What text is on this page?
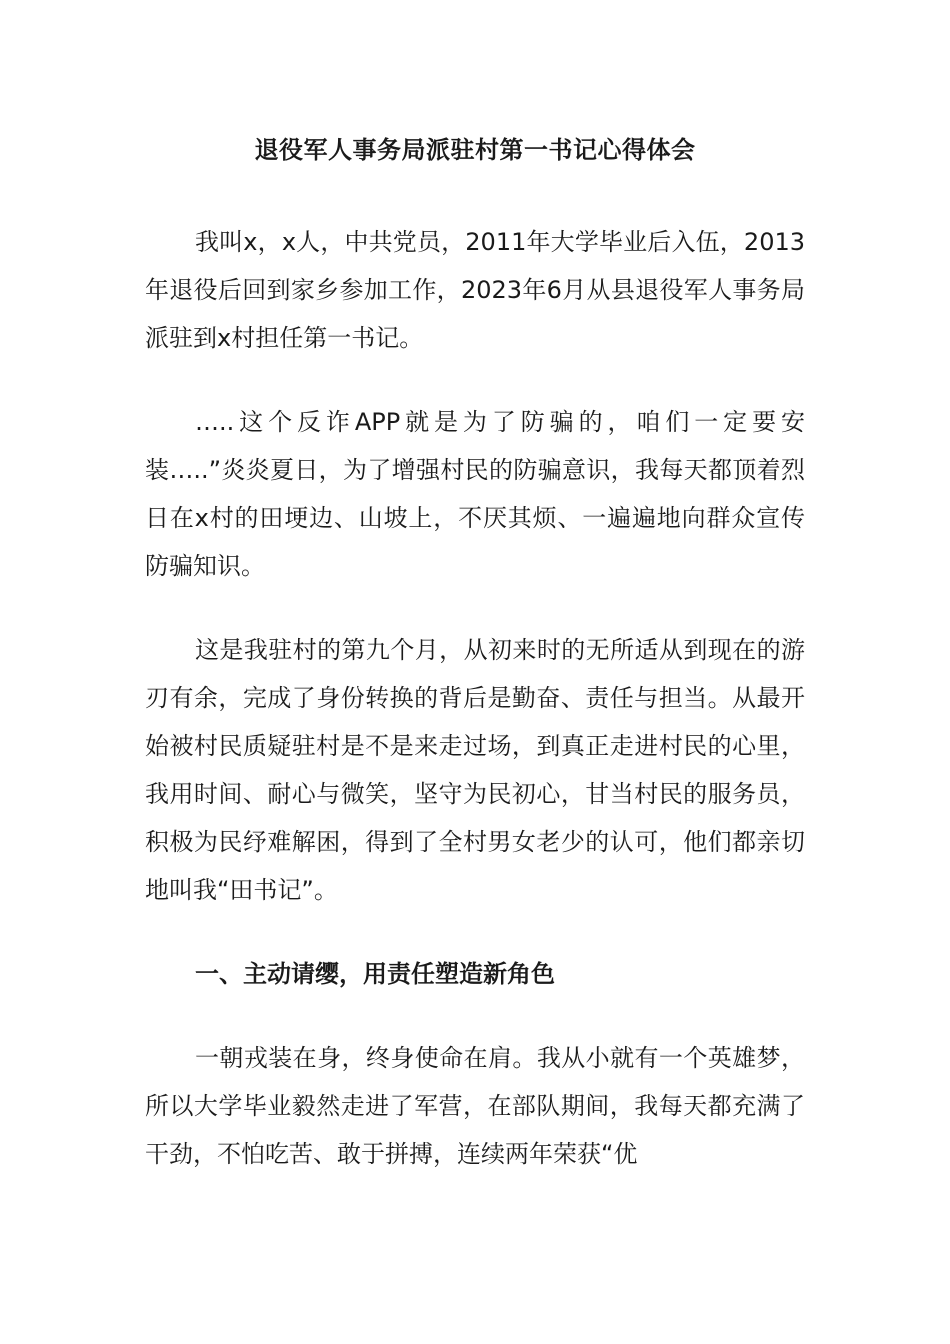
退役军人事务局派驻村第一书记心得体会

我叫x，x人，中共党员，2011年大学毕业后入伍，2013年退役后回到家乡参加工作，2023年6月从县退役军人事务局派驻到x村担任第一书记。

…..这个反诈APP就是为了防骗的，咱们一定要安装…..”炎炎夏日，为了增强村民的防骗意识，我每天都顶着烈日在x村的田埂边、山坡上，不厌其烦、一遍遍地向群众宣传防骗知识。

这是我驻村的第九个月，从初来时的无所适从到现在的游刃有余，完成了身份转换的背后是勤奋、责任与担当。从最开始被村民质疑驻村是不是来走过场，到真正走进村民的心里，我用时间、耐心与微笑，坚守为民初心，甘当村民的服务员，积极为民纾难解困，得到了全村男女老少的认可，他们都亲切地叫我“田书记”。

一、主动请缨，用责任塑造新角色

一朝戎装在身，终身使命在肩。我从小就有一个英雄梦，所以大学毕业毅然走进了军营，在部队期间，我每天都充满了干劲，不怕吃苦、敢于拼搏，连续两年荣获“优
